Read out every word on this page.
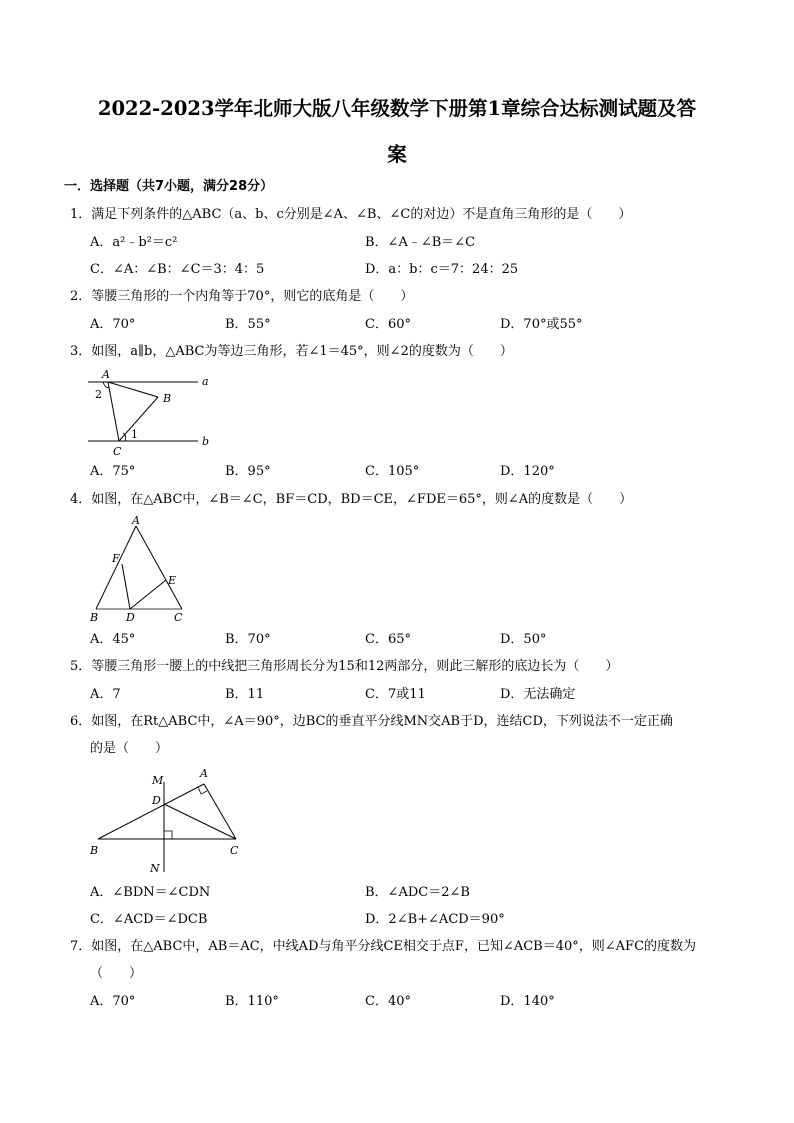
2022-2023学年北师大版八年级数学下册第1章综合达标测试题及答
案
一．选择题（共7小题，满分28分）
1．满足下列条件的△ABC（a、b、c分别是∠A、∠B、∠C的对边）不是直角三角形的是（　　）
A．a²﹣b²＝c²	B．∠A﹣∠B＝∠C
C．∠A：∠B：∠C＝3：4：5	D．a：b：c＝7：24：25
2．等腰三角形的一个内角等于70°，则它的底角是（　　）
A．70°	B．55°	C．60°	D．70°或55°
3．如图，a∥b，△ABC为等边三角形，若∠1＝45°，则∠2的度数为（　　）
A
B
C
2
1
a
b
A．75°	B．95°	C．105°	D．120°
4．如图，在△ABC中，∠B＝∠C，BF＝CD，BD＝CE，∠FDE＝65°，则∠A的度数是（　　）
A
F
E
B	D	C
A．45°	B．70°	C．65°	D．50°
5．等腰三角形一腰上的中线把三角形周长分为15和12两部分，则此三解形的底边长为（　　）
A．7	B．11	C．7或11	D．无法确定
6．如图，在Rt△ABC中，∠A＝90°，边BC的垂直平分线MN交AB于D，连结CD，下列说法不一定正确
的是（　　）
M
A
D
B
N
C
A．∠BDN＝∠CDN	B．∠ADC＝2∠B
C．∠ACD＝∠DCB	D．2∠B+∠ACD＝90°
7．如图，在△ABC中，AB＝AC，中线AD与角平分线CE相交于点F，已知∠ACB＝40°，则∠AFC的度数为
（　　）
A．70°	B．110°	C．40°	D．140°
